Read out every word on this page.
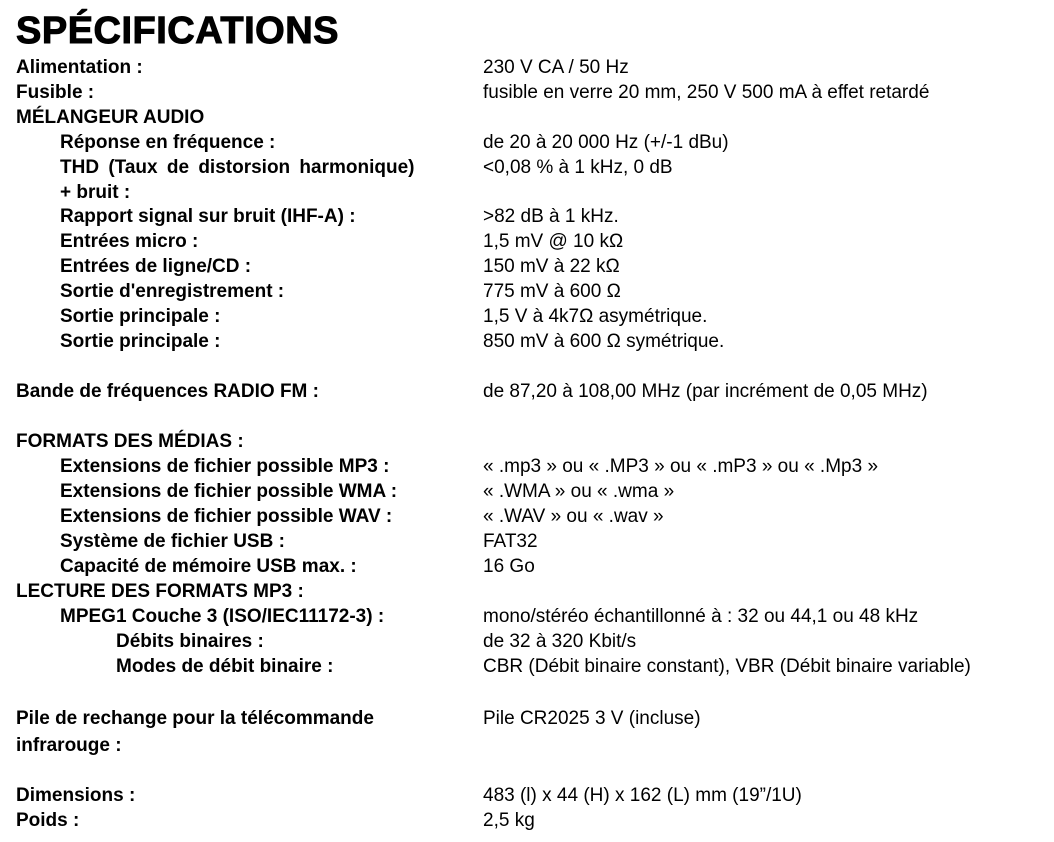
SPÉCIFICATIONS
Alimentation :	230 V CA / 50 Hz
Fusible :	fusible en verre 20 mm, 250 V 500 mA à effet retardé
MÉLANGEUR AUDIO
Réponse en fréquence :	de 20 à 20 000 Hz (+/-1 dBu)
THD (Taux de distorsion harmonique)	<0,08 % à 1 kHz, 0 dB
+ bruit :
Rapport signal sur bruit (IHF-A) :	>82 dB à 1 kHz.
Entrées micro :	1,5 mV @ 10 kΩ
Entrées de ligne/CD :	150 mV à 22 kΩ
Sortie d'enregistrement :	775 mV à 600 Ω
Sortie principale :	1,5 V à 4k7Ω asymétrique.
Sortie principale :	850 mV à 600 Ω symétrique.
Bande de fréquences RADIO FM :	de 87,20 à 108,00 MHz (par incrément de 0,05 MHz)
FORMATS DES MÉDIAS :
Extensions de fichier possible MP3 :	« .mp3 » ou « .MP3 » ou « .mP3 » ou « .Mp3 »
Extensions de fichier possible WMA :	« .WMA » ou « .wma »
Extensions de fichier possible WAV :	« .WAV » ou « .wav »
Système de fichier USB :	FAT32
Capacité de mémoire USB max. :	16 Go
LECTURE DES FORMATS MP3 :
MPEG1 Couche 3 (ISO/IEC11172-3) :	mono/stéréo échantillonné à : 32 ou 44,1 ou 48 kHz
Débits binaires :	de 32 à 320 Kbit/s
Modes de débit binaire :	CBR (Débit binaire constant), VBR (Débit binaire variable)
Pile de rechange pour la télécommande	Pile CR2025 3 V (incluse)
infrarouge :
Dimensions :	483 (l) x 44 (H) x 162 (L) mm (19”/1U)
Poids :	2,5 kg
